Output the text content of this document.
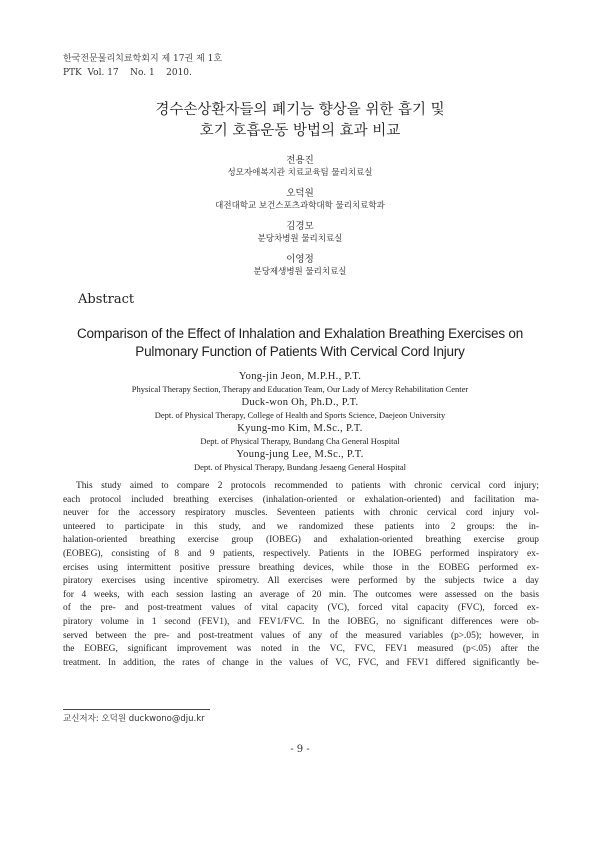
한국전문물리치료학회지 제 17권 제 1호
PTK  Vol. 17    No. 1    2010.
경수손상환자들의 폐기능 향상을 위한 흡기 및
호기 호흡운동 방법의 효과 비교
전용진
성모자애복지관 치료교육팀 물리치료실
오덕원
대전대학교 보건스포츠과학대학 물리치료학과
김경모
분당차병원 물리치료실
이영정
분당제생병원 물리치료실
Abstract
Comparison of the Effect of Inhalation and Exhalation Breathing Exercises on
Pulmonary Function of Patients With Cervical Cord Injury
Yong-jin Jeon, M.P.H., P.T.
Physical Therapy Section, Therapy and Education Team, Our Lady of Mercy Rehabilitation Center
Duck-won Oh, Ph.D., P.T.
Dept. of Physical Therapy, College of Health and Sports Science, Daejeon University
Kyung-mo Kim, M.Sc., P.T.
Dept. of Physical Therapy, Bundang Cha General Hospital
Young-jung Lee, M.Sc., P.T.
Dept. of Physical Therapy, Bundang Jesaeng General Hospital
This study aimed to compare 2 protocols recommended to patients with chronic cervical cord injury;
each protocol included breathing exercises (inhalation-oriented or exhalation-oriented) and facilitation ma-
neuver for the accessory respiratory muscles. Seventeen patients with chronic cervical cord injury vol-
unteered to participate in this study, and we randomized these patients into 2 groups: the in-
halation-oriented breathing exercise group (IOBEG) and exhalation-oriented breathing exercise group
(EOBEG), consisting of 8 and 9 patients, respectively. Patients in the IOBEG performed inspiratory ex-
ercises using intermittent positive pressure breathing devices, while those in the EOBEG performed ex-
piratory exercises using incentive spirometry. All exercises were performed by the subjects twice a day
for 4 weeks, with each session lasting an average of 20 min. The outcomes were assessed on the basis
of the pre- and post-treatment values of vital capacity (VC), forced vital capacity (FVC), forced ex-
piratory volume in 1 second (FEV1), and FEV1/FVC. In the IOBEG, no significant differences were ob-
served between the pre- and post-treatment values of any of the measured variables (p>.05); however, in
the EOBEG, significant improvement was noted in the VC, FVC, FEV1 measured (p<.05) after the
treatment. In addition, the rates of change in the values of VC, FVC, and FEV1 differed significantly be-
교신저자: 오덕원 duckwono@dju.kr
- 9 -
